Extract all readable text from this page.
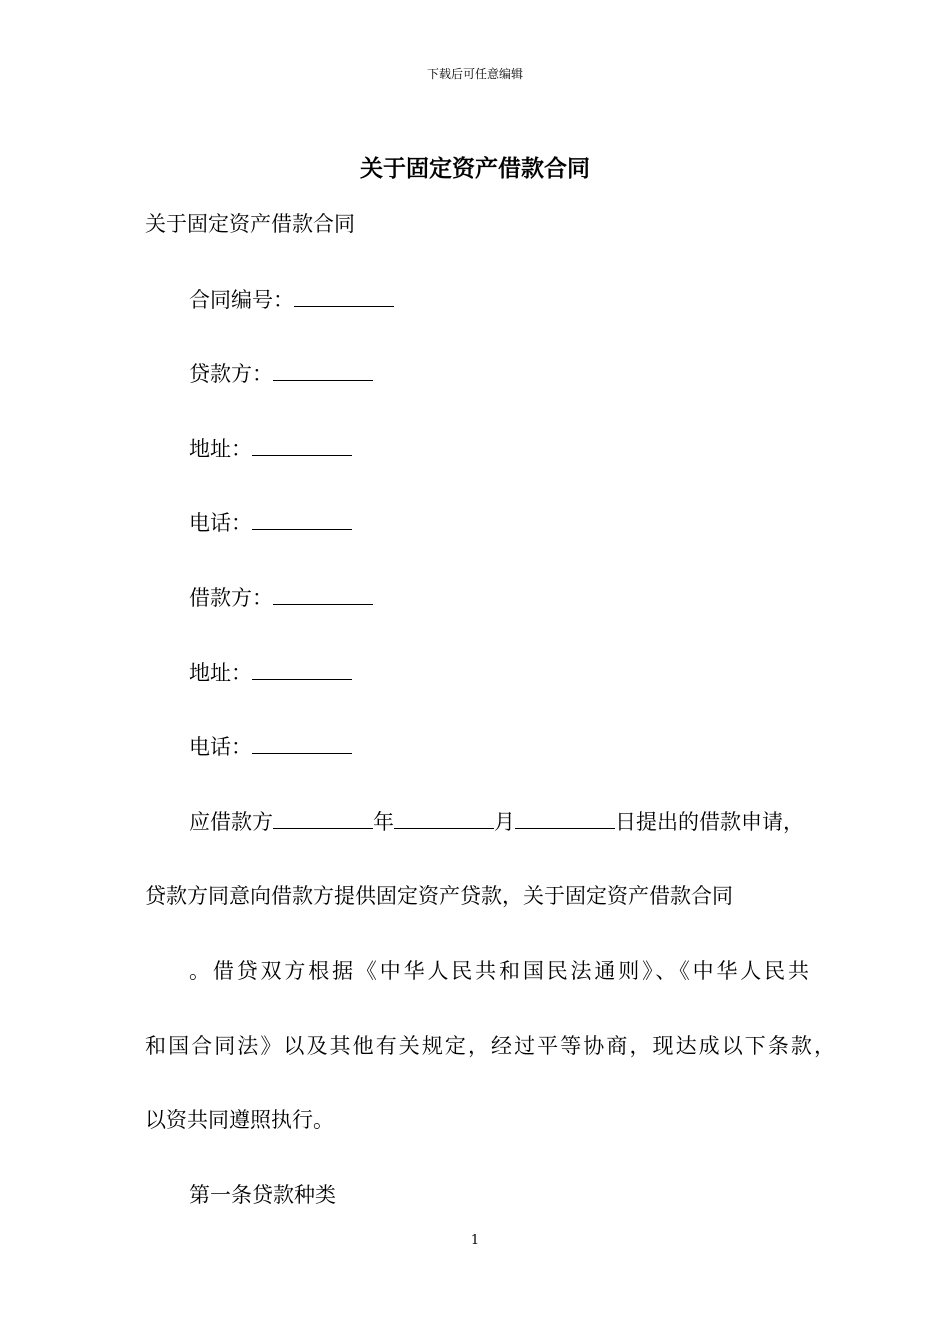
下载后可任意编辑
关于固定资产借款合同
关于固定资产借款合同
合同编号：
贷款方：
地址：
电话：
借款方：
地址：
电话：
应借款方	年	月	日提出的借款申请，
贷款方同意向借款方提供固定资产贷款，关于固定资产借款合同
。借贷双方根据《中华人民共和国民法通则》、《中华人民共
和国合同法》以及其他有关规定，经过平等协商，现达成以下条款，
以资共同遵照执行。
第一条贷款种类
1
